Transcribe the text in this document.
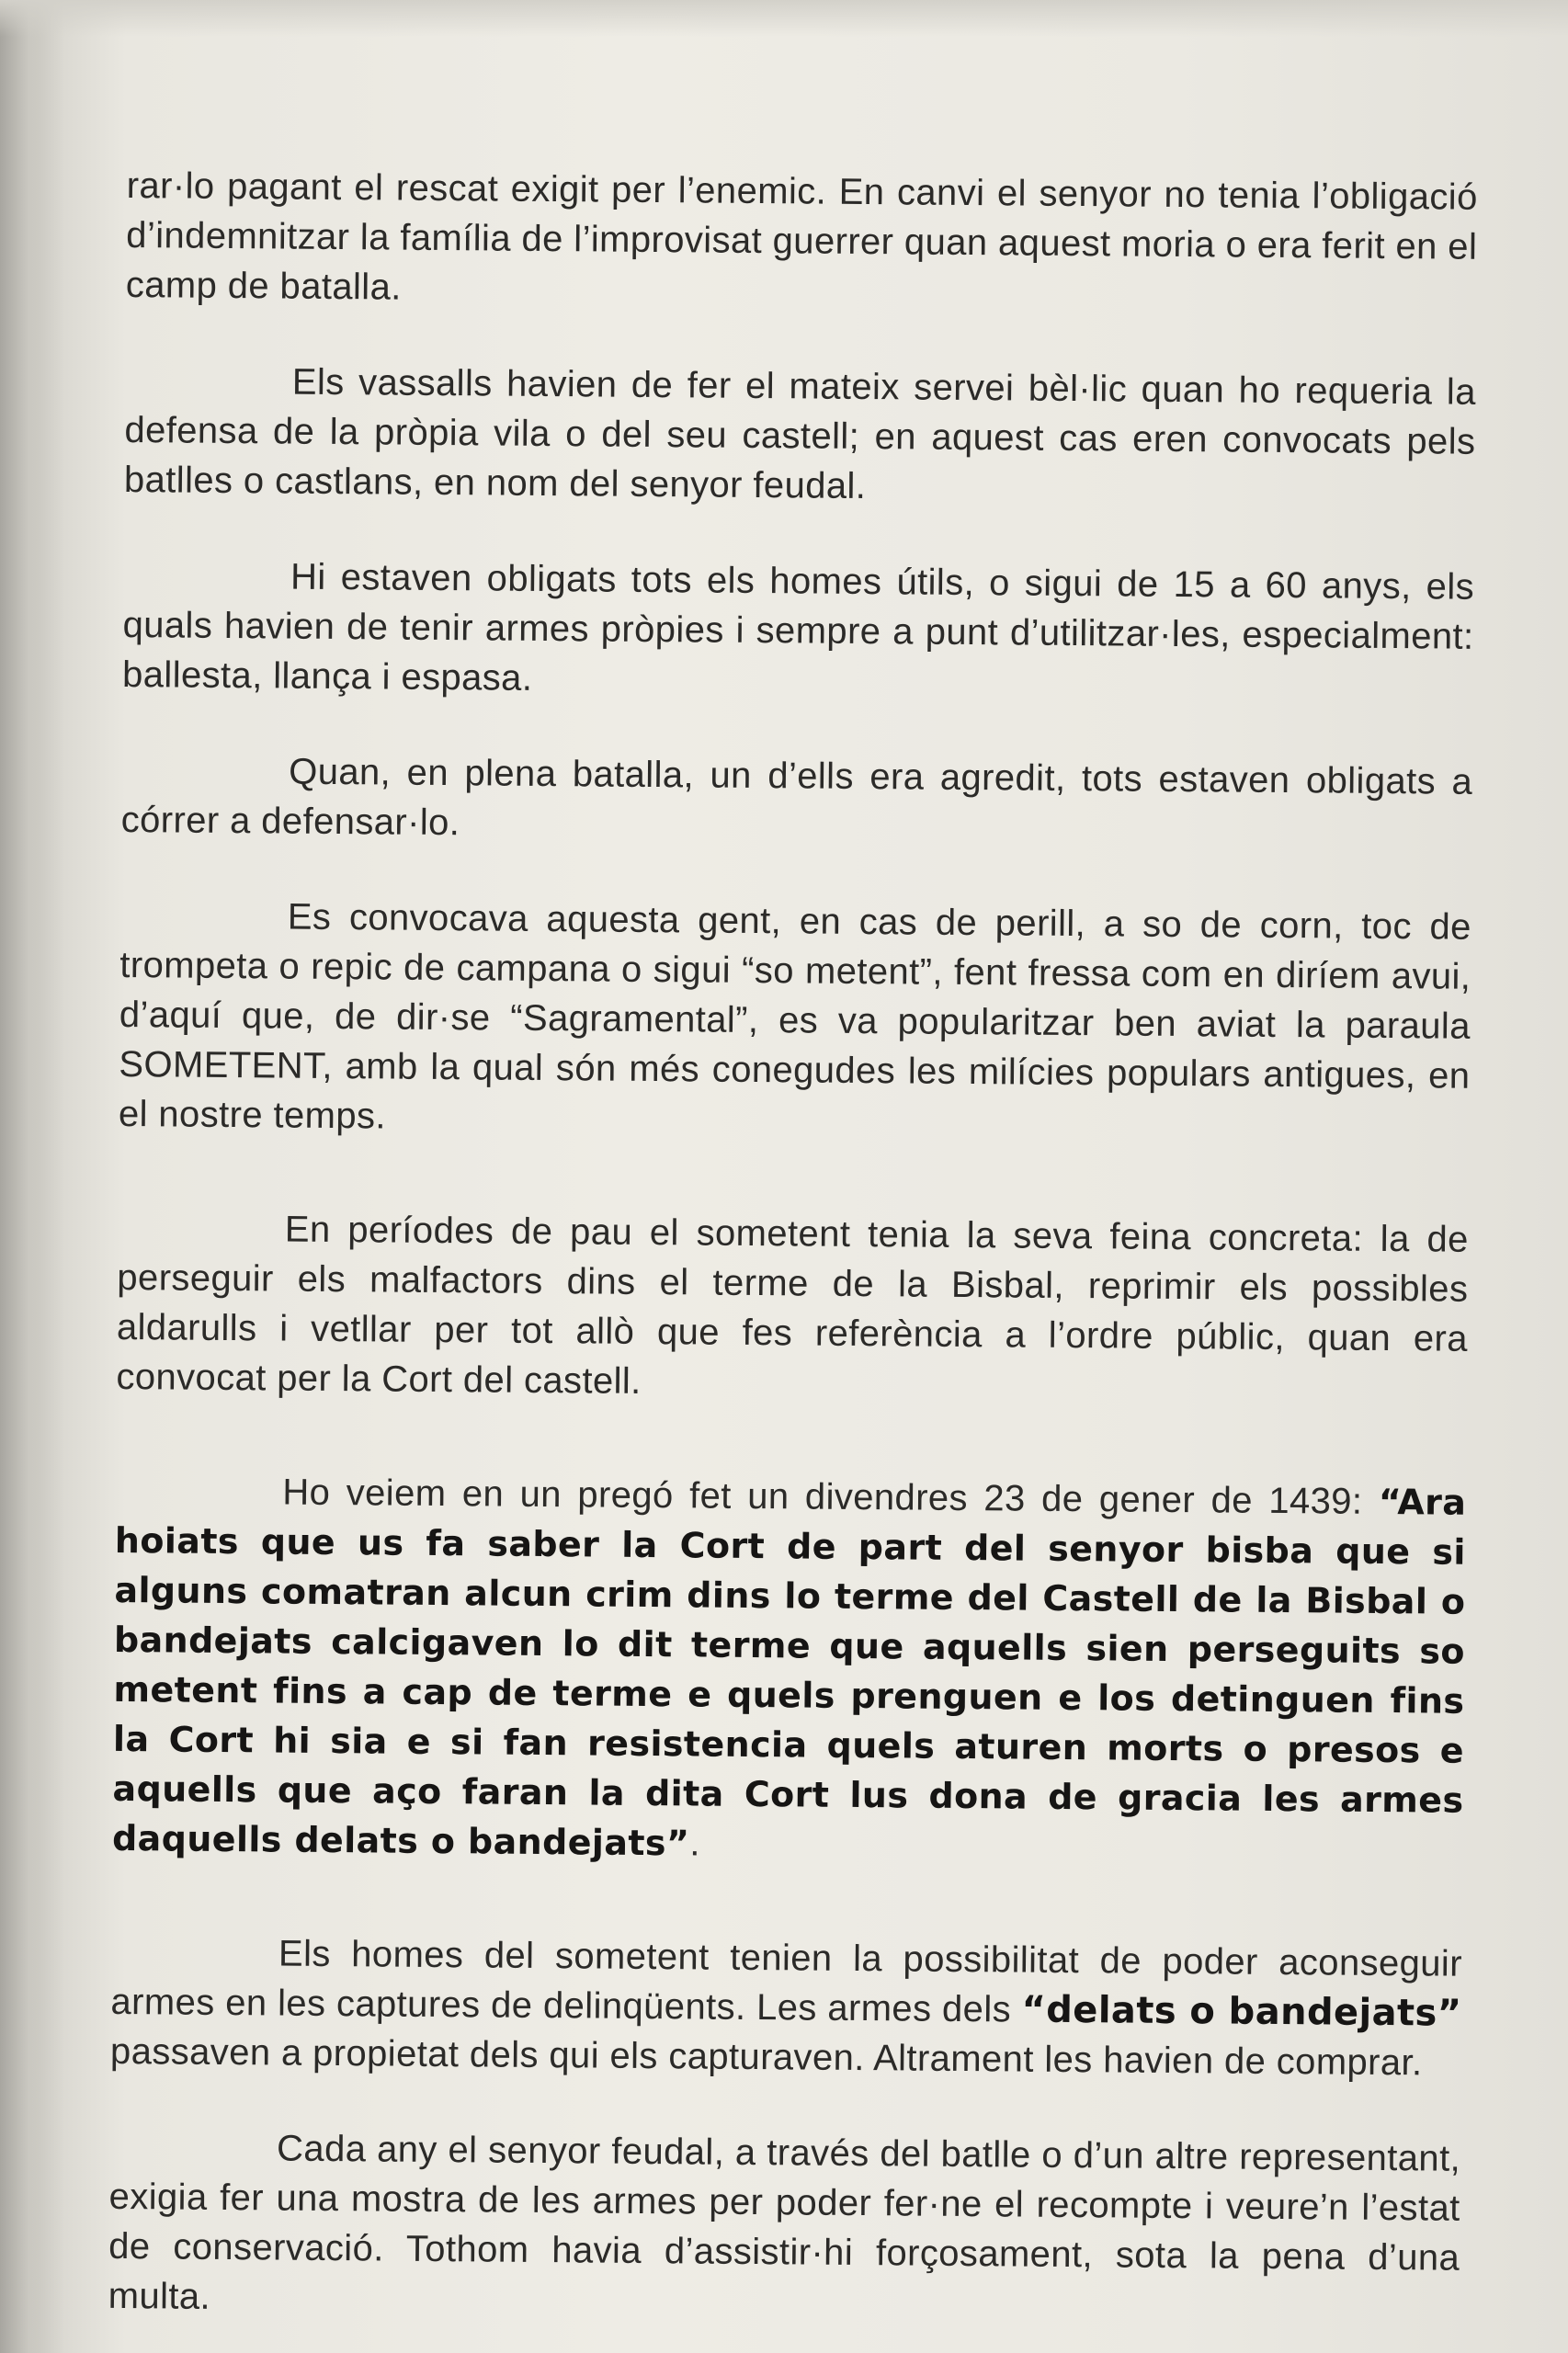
rar·lo pagant el rescat exigit per l’enemic. En canvi el senyor no tenia l’obligació d’indemnitzar la família de l’improvisat guerrer quan aquest moria o era ferit en el camp de batalla.

Els vassalls havien de fer el mateix servei bèl·lic quan ho requeria la defensa de la pròpia vila o del seu castell; en aquest cas eren convocats pels batlles o castlans, en nom del senyor feudal.

Hi estaven obligats tots els homes útils, o sigui de 15 a 60 anys, els quals havien de tenir armes pròpies i sempre a punt d’utilitzar·les, especialment: ballesta, llança i espasa.

Quan, en plena batalla, un d’ells era agredit, tots estaven obligats a córrer a defensar·lo.

Es convocava aquesta gent, en cas de perill, a so de corn, toc de trompeta o repic de campana o sigui “so metent”, fent fressa com en diríem avui, d’aquí que, de dir·se “Sagramental”, es va popularitzar ben aviat la paraula SOMETENT, amb la qual són més conegudes les milícies populars antigues, en el nostre temps.

En períodes de pau el sometent tenia la seva feina concreta: la de perseguir els malfactors dins el terme de la Bisbal, reprimir els possibles aldarulls i vetllar per tot allò que fes referència a l’ordre públic, quan era convocat per la Cort del castell.

Ho veiem en un pregó fet un divendres 23 de gener de 1439: “Ara hoiats que us fa saber la Cort de part del senyor bisba que si alguns comatran alcun crim dins lo terme del Castell de la Bisbal o bandejats calcigaven lo dit terme que aquells sien perseguits so metent fins a cap de terme e quels prenguen e los detinguen fins la Cort hi sia e si fan resistencia quels aturen morts o presos e aquells que aço faran la dita Cort lus dona de gracia les armes daquells delats o bandejats”.

Els homes del sometent tenien la possibilitat de poder aconseguir armes en les captures de delinqüents. Les armes dels “delats o bandejats” passaven a propietat dels qui els capturaven. Altrament les havien de comprar.

Cada any el senyor feudal, a través del batlle o d’un altre representant, exigia fer una mostra de les armes per poder fer·ne el recompte i veure’n l’estat de conservació. Tothom havia d’assistir·hi forçosament, sota la pena d’una multa.
